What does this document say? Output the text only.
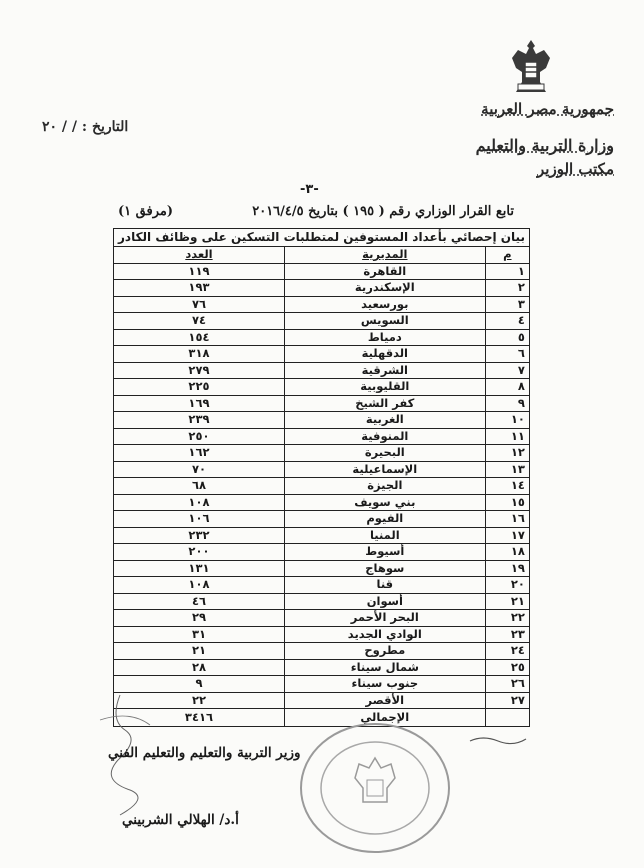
جمهورية مصر العربية
وزارة التربية والتعليم
مكتب الوزير
التاريخ : / / ٢٠
-٣-
تابع القرار الوزاري رقم ( ١٩٥ ) بتاريخ ٢٠١٦/٤/٥
(مرفق ١)
بيان إحصائي بأعداد المستوفين لمتطلبات التسكين على وظائف الكادر		
م	المديرية	العدد
١	القاهرة	١١٩
٢	الإسكندرية	١٩٣
٣	بورسعيد	٧٦
٤	السويس	٧٤
٥	دمياط	١٥٤
٦	الدقهلية	٣١٨
٧	الشرقية	٢٧٩
٨	القليوبية	٢٢٥
٩	كفر الشيخ	١٦٩
١٠	الغربية	٢٣٩
١١	المنوفية	٢٥٠
١٢	البحيرة	١٦٢
١٣	الإسماعيلية	٧٠
١٤	الجيزة	٦٨
١٥	بني سويف	١٠٨
١٦	الفيوم	١٠٦
١٧	المنيا	٢٣٢
١٨	أسيوط	٢٠٠
١٩	سوهاج	١٣١
٢٠	قنا	١٠٨
٢١	أسوان	٤٦
٢٢	البحر الأحمر	٢٩
٢٣	الوادي الجديد	٣١
٢٤	مطروح	٢١
٢٥	شمال سيناء	٢٨
٢٦	جنوب سيناء	٩
٢٧	الأقصر	٢٢
	الإجمالي	٣٤١٦
وزير التربية والتعليم والتعليم الفني
أ.د/ الهلالي الشربيني
